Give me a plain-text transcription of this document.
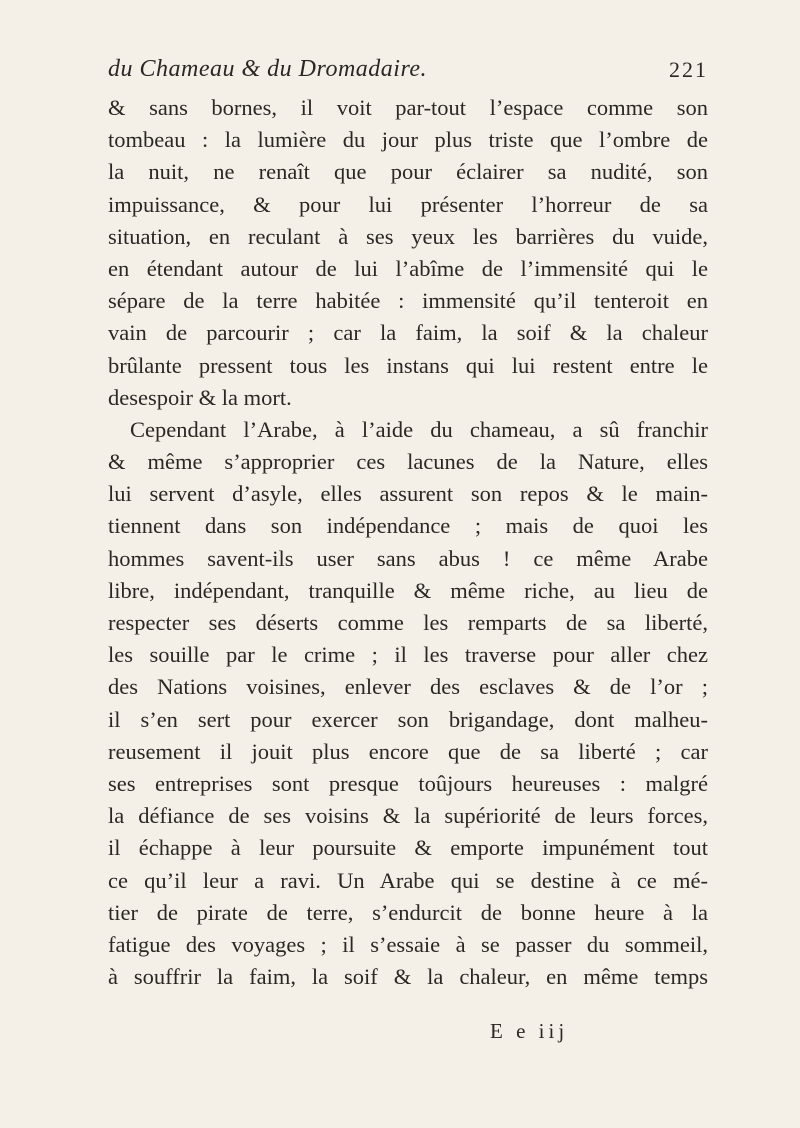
du Chameau & du Dromadaire.	221
& sans bornes, il voit par-tout l’espace comme son
tombeau : la lumière du jour plus triste que l’ombre de
la nuit, ne renaît que pour éclairer sa nudité, son
impuissance, & pour lui présenter l’horreur de sa
situation, en reculant à ses yeux les barrières du vuide,
en étendant autour de lui l’abîme de l’immensité qui le
sépare de la terre habitée : immensité qu’il tenteroit en
vain de parcourir ; car la faim, la soif & la chaleur
brûlante pressent tous les instans qui lui restent entre le
desespoir & la mort.
Cependant l’Arabe, à l’aide du chameau, a sû franchir
& même s’approprier ces lacunes de la Nature, elles
lui servent d’asyle, elles assurent son repos & le main-
tiennent dans son indépendance ; mais de quoi les
hommes savent-ils user sans abus ! ce même Arabe
libre, indépendant, tranquille & même riche, au lieu de
respecter ses déserts comme les remparts de sa liberté,
les souille par le crime ; il les traverse pour aller chez
des Nations voisines, enlever des esclaves & de l’or ;
il s’en sert pour exercer son brigandage, dont malheu-
reusement il jouit plus encore que de sa liberté ; car
ses entreprises sont presque toûjours heureuses : malgré
la défiance de ses voisins & la supériorité de leurs forces,
il échappe à leur poursuite & emporte impunément tout
ce qu’il leur a ravi. Un Arabe qui se destine à ce mé-
tier de pirate de terre, s’endurcit de bonne heure à la
fatigue des voyages ; il s’essaie à se passer du sommeil,
à souffrir la faim, la soif & la chaleur, en même temps
E e iij
